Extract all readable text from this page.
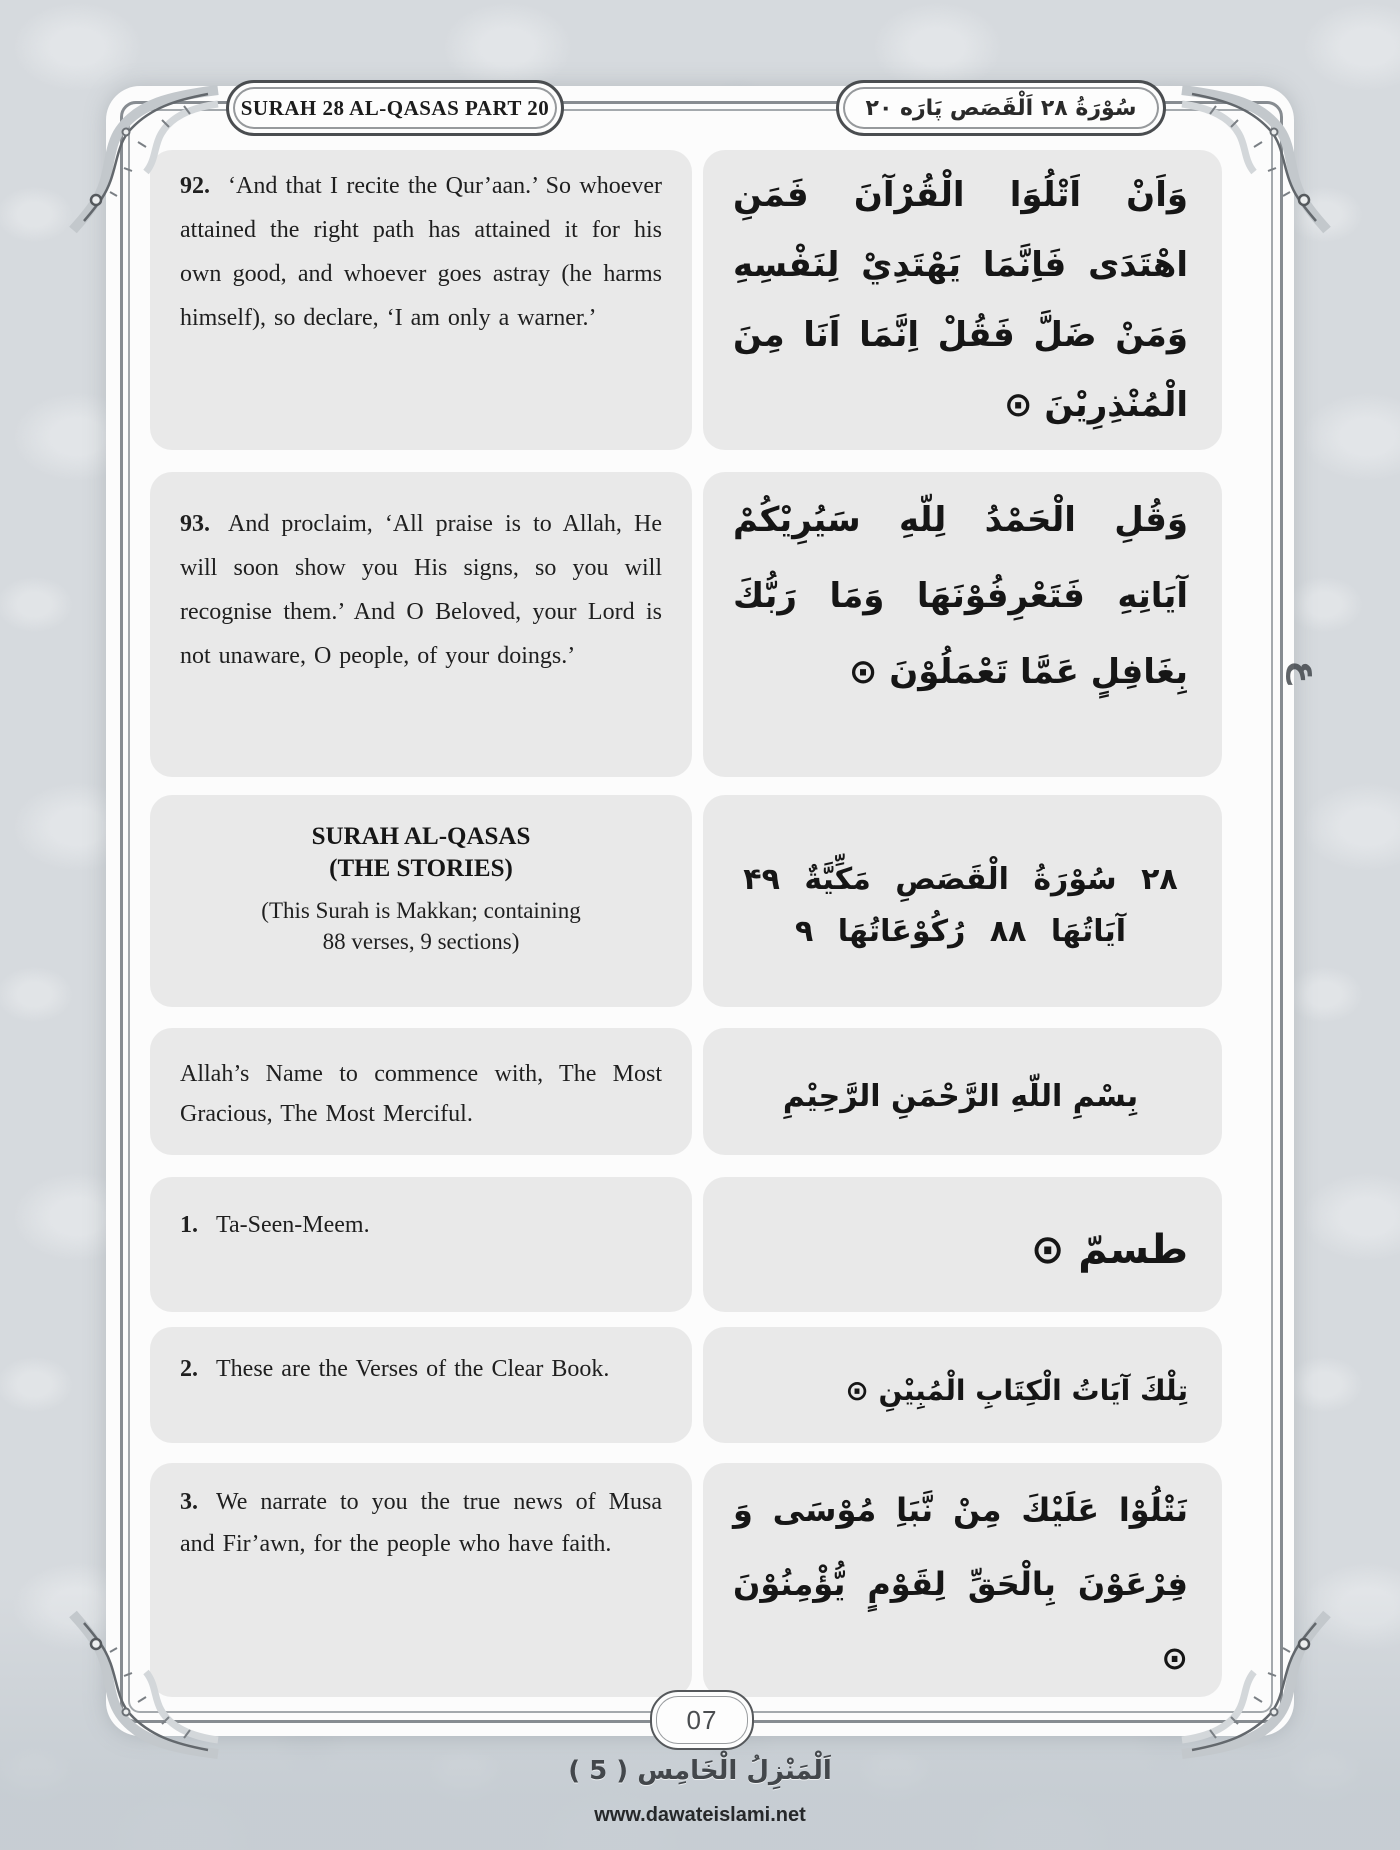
SURAH 28 AL-QASAS PART 20	سُوْرَةُ ۲۸ اَلْقَصَص پَارَه ۲۰
92. ‘And that I recite the Qur’aan.’ So whoever attained the right path has attained it for his own good, and whoever goes astray (he harms himself), so declare, ‘I am only a warner.’
وَاَنْ اَتْلُوَا الْقُرْآنَ فَمَنِ اهْتَدَى فَاِنَّمَا يَهْتَدِيْ لِنَفْسِهِ وَمَنْ ضَلَّ فَقُلْ اِنَّمَا اَنَا مِنَ الْمُنْذِرِيْنَ ⊙
93. And proclaim, ‘All praise is to Allah, He will soon show you His signs, so you will recognise them.’ And O Beloved, your Lord is not unaware, O people, of your doings.’
وَقُلِ الْحَمْدُ لِلّهِ سَيُرِيْكُمْ آيَاتِهِ فَتَعْرِفُوْنَهَا وَمَا رَبُّكَ بِغَافِلٍ عَمَّا تَعْمَلُوْنَ ⊙
SURAH AL-QASAS
(THE STORIES)
(This Surah is Makkan; containing
88 verses, 9 sections)
۲۸ سُوْرَةُ الْقَصَصِ مَكِّيَّةٌ ۴۹
آيَاتُهَا ۸۸ رُكُوْعَاتُهَا ۹
Allah’s Name to commence with, The Most Gracious, The Most Merciful.	بِسْمِ اللّهِ الرَّحْمَنِ الرَّحِيْمِ
1. Ta-Seen-Meem.
طسمّ ⊙
2. These are the Verses of the Clear Book.
تِلْكَ آيَاتُ الْكِتَابِ الْمُبِيْنِ ⊙
3. We narrate to you the true news of Musa and Fir’awn, for the people who have faith.
نَتْلُوْا عَلَيْكَ مِنْ نَّبَاِ مُوْسَى وَ فِرْعَوْنَ بِالْحَقِّ لِقَوْمٍ يُّؤْمِنُوْنَ ⊙
ع
07
اَلْمَنْزِلُ الْخَامِس ( 5 )
www.dawateislami.net
